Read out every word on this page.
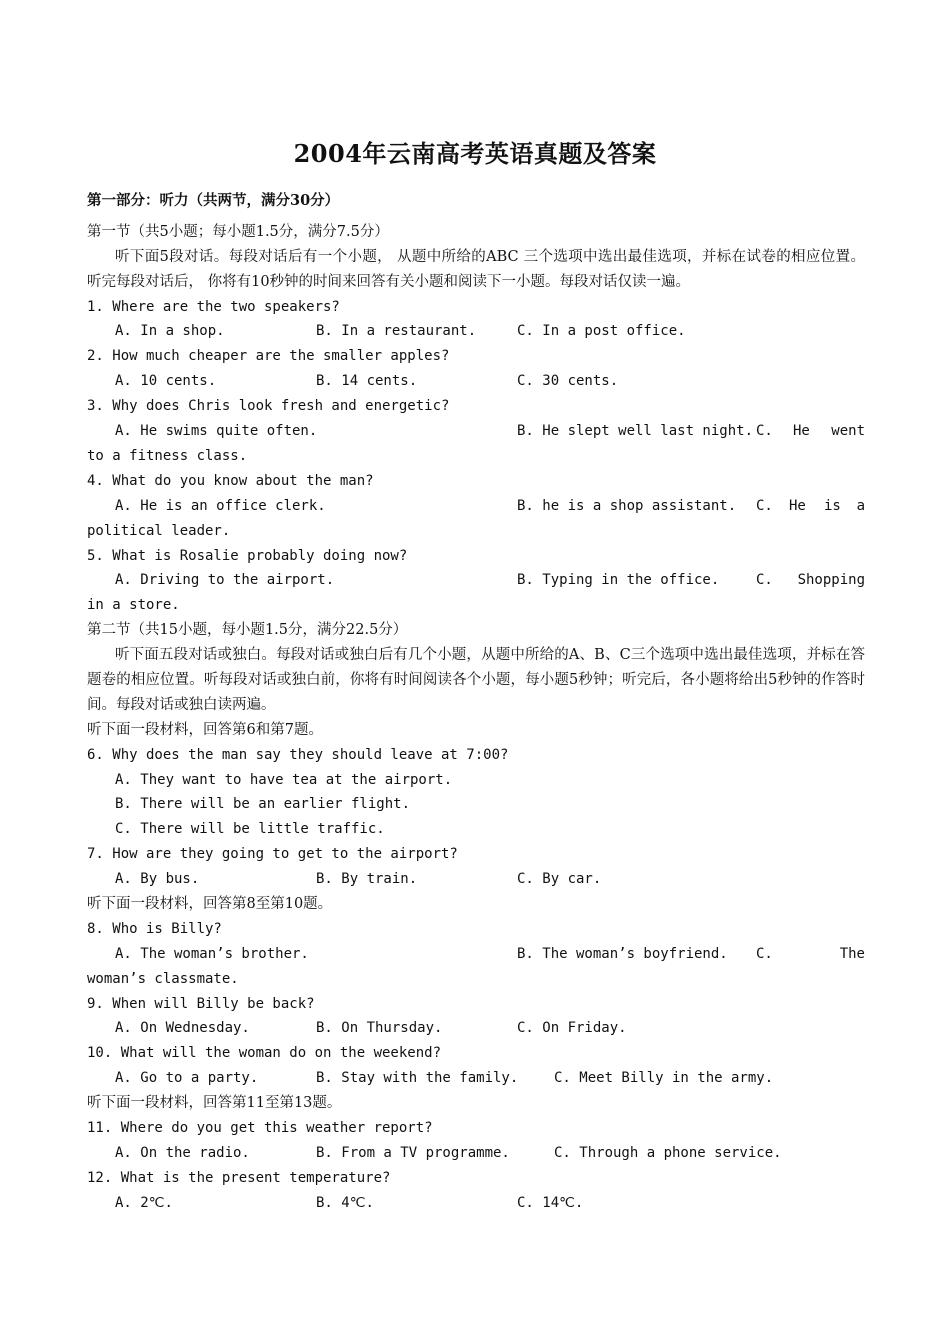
2004年云南高考英语真题及答案
第一部分：听力（共两节，满分30分）
第一节（共5小题；每小题1.5分，满分7.5分）
听下面5段对话。每段对话后有一个小题， 从题中所给的ABC 三个选项中选出最佳选项，并标在试卷的相应位置。 听完每段对话后， 你将有10秒钟的时间来回答有关小题和阅读下一小题。每段对话仅读一遍。
1. Where are the two speakers?
A. In a shop.	B. In a restaurant.	C. In a post office.
2. How much cheaper are the smaller apples?
A. 10 cents.	B. 14 cents.	C. 30 cents.
3. Why does Chris look fresh and energetic?
A. He swims quite often.	B. He slept well last night. C. He went
to a fitness class.
4. What do you know about the man?
A. He is an office clerk.	B. he is a shop assistant. C. He is a
political leader.
5. What is Rosalie probably doing now?
A. Driving to the airport.	B. Typing in the office.	C. Shopping
in a store.
第二节（共15小题，每小题1.5分，满分22.5分）
听下面五段对话或独白。每段对话或独白后有几个小题，从题中所给的A、B、C三个选项中选出最佳选项，并标在答题卷的相应位置。听每段对话或独白前，你将有时间阅读各个小题，每小题5秒钟；听完后，各小题将给出5秒钟的作答时间。每段对话或独白读两遍。
听下面一段材料，回答第6和第7题。
6. Why does the man say they should leave at 7:00?
A. They want to have tea at the airport.
B. There will be an earlier flight.
C. There will be little traffic.
7. How are they going to get to the airport?
A. By bus.	B. By train.	C. By car.
听下面一段材料，回答第8至第10题。
8. Who is Billy?
A. The woman’s brother.	B. The woman’s boyfriend. C.	The
woman’s classmate.
9. When will Billy be back?
A. On Wednesday.	B. On Thursday.	C. On Friday.
10. What will the woman do on the weekend?
A. Go to a party.	B. Stay with the family.	C. Meet Billy in the army.
听下面一段材料，回答第11至第13题。
11. Where do you get this weather report?
A. On the radio.	B. From a TV programme.	C. Through a phone service.
12. What is the present temperature?
A. 2℃.	B. 4℃.	C. 14℃.
